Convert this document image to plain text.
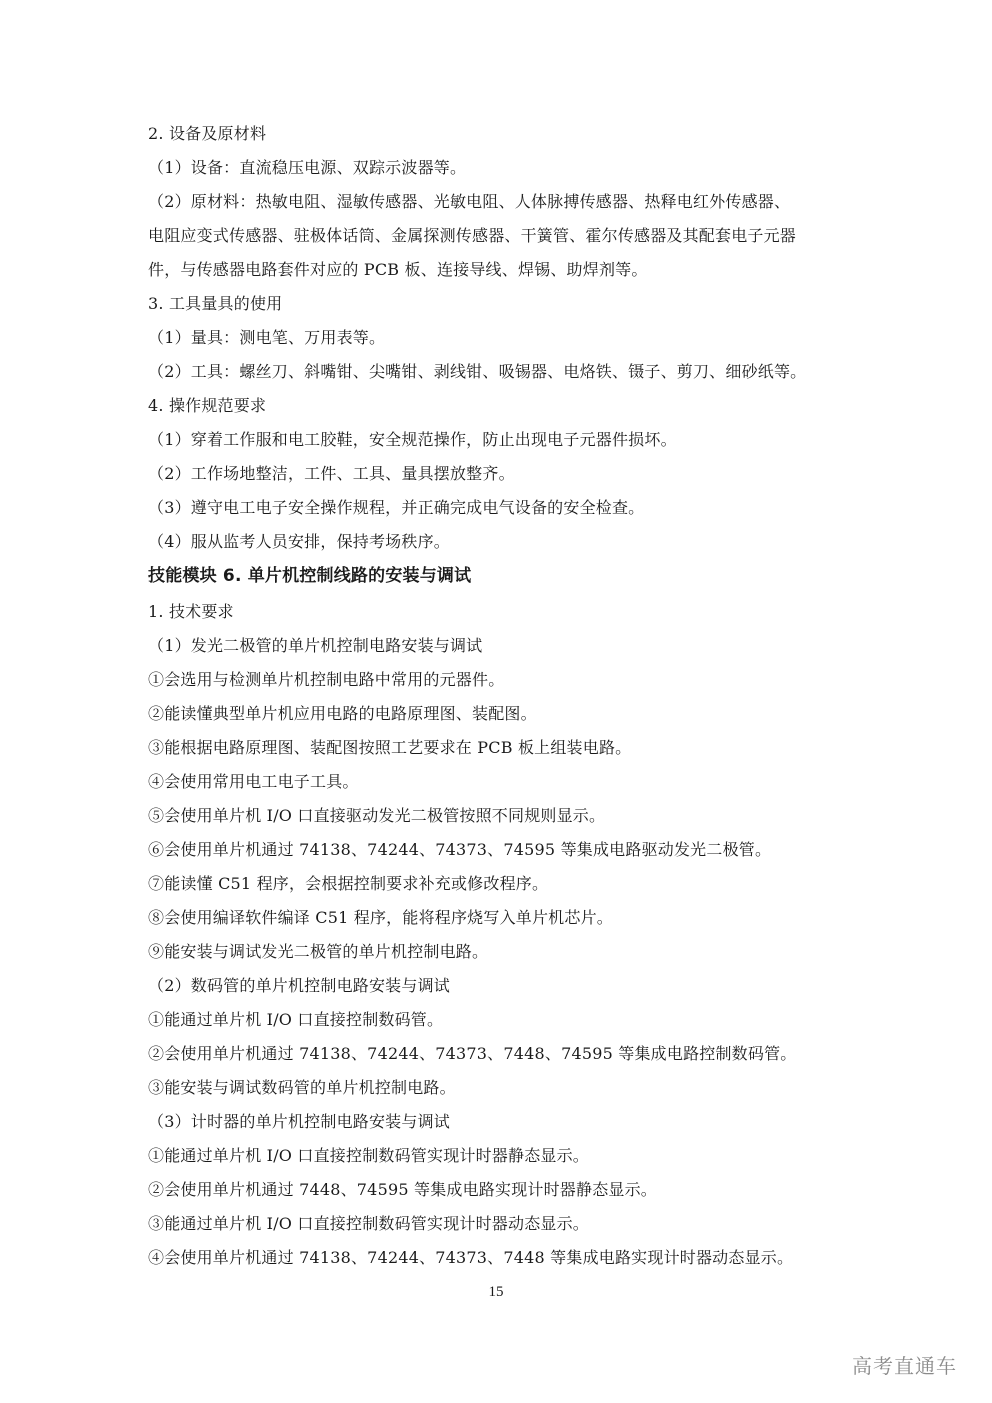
2. 设备及原材料
（1）设备：直流稳压电源、双踪示波器等。
（2）原材料：热敏电阻、湿敏传感器、光敏电阻、人体脉搏传感器、热释电红外传感器、
电阻应变式传感器、驻极体话筒、金属探测传感器、干簧管、霍尔传感器及其配套电子元器
件，与传感器电路套件对应的 PCB 板、连接导线、焊锡、助焊剂等。
3. 工具量具的使用
（1）量具：测电笔、万用表等。
（2）工具：螺丝刀、斜嘴钳、尖嘴钳、剥线钳、吸锡器、电烙铁、镊子、剪刀、细砂纸等。
4. 操作规范要求
（1）穿着工作服和电工胶鞋，安全规范操作，防止出现电子元器件损坏。
（2）工作场地整洁，工件、工具、量具摆放整齐。
（3）遵守电工电子安全操作规程，并正确完成电气设备的安全检查。
（4）服从监考人员安排，保持考场秩序。
技能模块 6. 单片机控制线路的安装与调试
1. 技术要求
（1）发光二极管的单片机控制电路安装与调试
①会选用与检测单片机控制电路中常用的元器件。
②能读懂典型单片机应用电路的电路原理图、装配图。
③能根据电路原理图、装配图按照工艺要求在 PCB 板上组装电路。
④会使用常用电工电子工具。
⑤会使用单片机 I/O 口直接驱动发光二极管按照不同规则显示。
⑥会使用单片机通过 74138、74244、74373、74595 等集成电路驱动发光二极管。
⑦能读懂 C51 程序，会根据控制要求补充或修改程序。
⑧会使用编译软件编译 C51 程序，能将程序烧写入单片机芯片。
⑨能安装与调试发光二极管的单片机控制电路。
（2）数码管的单片机控制电路安装与调试
①能通过单片机 I/O 口直接控制数码管。
②会使用单片机通过 74138、74244、74373、7448、74595 等集成电路控制数码管。
③能安装与调试数码管的单片机控制电路。
（3）计时器的单片机控制电路安装与调试
①能通过单片机 I/O 口直接控制数码管实现计时器静态显示。
②会使用单片机通过 7448、74595 等集成电路实现计时器静态显示。
③能通过单片机 I/O 口直接控制数码管实现计时器动态显示。
④会使用单片机通过 74138、74244、74373、7448 等集成电路实现计时器动态显示。
15
高考直通车
